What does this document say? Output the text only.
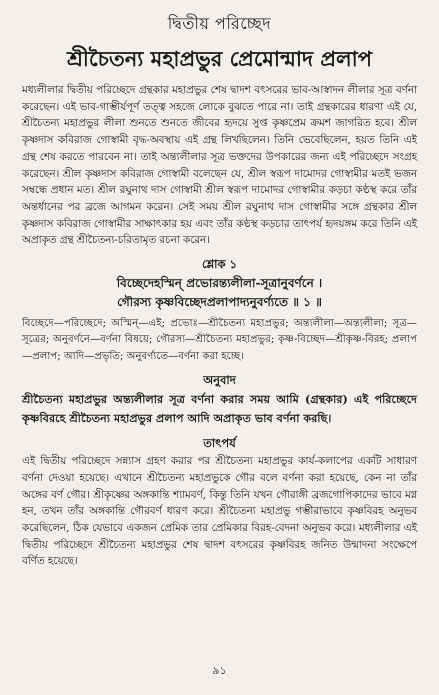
দ্বিতীয় পরিচ্ছেদ
শ্রীচৈতন্য মহাপ্রভুর প্রেমোন্মাদ প্রলাপ

মধ্যলীলার দ্বিতীয় পরিচ্ছেদে গ্রন্থকার মহাপ্রভুর শেষ দ্বাদশ বৎসরের ভাব-আস্বাদন লীলার সূত্র বর্ণনা করেছেন। এই ভাব-গাম্ভীর্যপূর্ণ তত্ত্ব সহজে লোকে বুঝতে পারে না। তাই গ্রন্থকারের ধারণা এই যে, শ্রীচৈতন্য মহাপ্রভুর লীলা শুনতে শুনতে জীবের হৃদয়ে সুপ্ত কৃষ্ণপ্রেম ক্রমশ জাগরিত হবে। শ্রীল কৃষ্ণদাস কবিরাজ গোস্বামী বৃদ্ধ-অবস্থায় এই গ্রন্থ লিখছিলেন। তিনি ভেবেছিলেন, হয়ত তিনি এই গ্রন্থ শেষ করতে পারবেন না। তাই অন্ত্যলীলার সূত্র ভক্তদের উপকারের জন্য এই পরিচ্ছেদে সংগ্রহ করেছেন। শ্রীল কৃষ্ণদাস কবিরাজ গোস্বামী বলেছেন যে, শ্রীল স্বরূপ দামোদর গোস্বামীর মতই ভজন সম্বন্ধে প্রধান মত। শ্রীল রঘুনাথ দাস গোস্বামী শ্রীল স্বরূপ দামোদর গোস্বামীর কড়চা কণ্ঠস্থ করে তাঁর অন্তর্ধানের পর ব্রজে আগমন করেন। সেই সময় শ্রীল রঘুনাথ দাস গোস্বামীর সঙ্গে গ্রন্থকার শ্রীল কৃষ্ণদাস কবিরাজ গোস্বামীর সাক্ষাৎকার হয় এবং তাঁর কণ্ঠস্থ কড়চার তাৎপর্য হৃদয়ঙ্গম করে তিনি এই অপ্রাকৃত গ্রন্থ শ্রীচৈতন্য-চরিতামৃত রচনা করেন।

শ্লোক ১
বিচ্ছেদেহস্মিন্ প্রভোরন্ত্যলীলা-সূত্রানুবর্ণনে ।
গৌরস্য কৃষ্ণবিচ্ছেদপ্রলাপাদ্যনুবর্ণ্যতে ॥ ১ ॥
বিচ্ছেদে—পরিচ্ছেদে; অস্মিন্—এই; প্রভোঃ—শ্রীচৈতন্য মহাপ্রভুর; অন্ত্যলীলা—অন্ত্যলীলা; সূত্র—সূত্রের; অনুবর্ণনে—বর্ণনা বিষয়ে; গৌরস্য—শ্রীচৈতন্য মহাপ্রভুর; কৃষ্ণ-বিচ্ছেদ—শ্রীকৃষ্ণ-বিরহ; প্রলাপ—প্রলাপ; আদি—প্রভৃতি; অনুবর্ণ্যতে—বর্ণনা করা হচ্ছে।
অনুবাদ
শ্রীচৈতন্য মহাপ্রভুর অন্ত্যলীলার সূত্র বর্ণনা করার সময় আমি (গ্রন্থকার) এই পরিচ্ছেদে কৃষ্ণবিরহে শ্রীচৈতন্য মহাপ্রভুর প্রলাপ আদি অপ্রাকৃত ভাব বর্ণনা করছি।
তাৎপর্য

এই দ্বিতীয় পরিচ্ছেদে সন্ন্যাস গ্রহণ করার পর শ্রীচৈতন্য মহাপ্রভুর কার্য-কলাপের একটি সাধারণ বর্ণনা দেওয়া হয়েছে। এখানে শ্রীচৈতন্য মহাপ্রভুকে গৌর বলে বর্ণনা করা হয়েছে, কেন না তাঁর অঙ্গের বর্ণ গৌর। শ্রীকৃষ্ণের অঙ্গকান্তি শ্যামবর্ণ, কিন্তু তিনি যখন গৌরাঙ্গী ব্রজগোপিকাদের ভাবে মগ্ন হন, তখন তাঁর অঙ্গকান্তি গৌরবর্ণ ধারণ করে। শ্রীচৈতন্য মহাপ্রভু গম্ভীরাভাবে কৃষ্ণবিরহ অনুভব করেছিলেন, ঠিক যেভাবে একজন প্রেমিক তার প্রেমিকার বিরহ-বেদনা অনুভব করে। মধ্যলীলার এই দ্বিতীয় পরিচ্ছেদে শ্রীচৈতন্য মহাপ্রভুর শেষ দ্বাদশ বৎসরের কৃষ্ণবিরহ জনিত উন্মাদনা সংক্ষেপে বর্ণিত হয়েছে।

৯১
